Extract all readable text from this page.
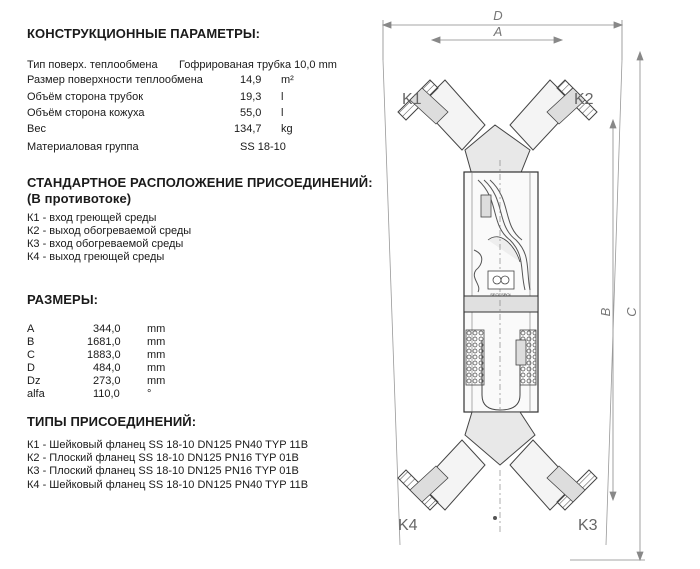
КОНСТРУКЦИОННЫЕ ПАРАМЕТРЫ:
Тип поверх. теплообмена Гофрированая трубка 10,0 mm
Размер поверхности теплообмена	14,9 m²
Объём сторона трубок	19,3 l
Объём сторона кожуха	55,0 l
Вес	134,7 kg
Материаловая группа	SS 18-10
СТАНДАРТНОЕ РАСПОЛОЖЕНИЕ ПРИСОЕДИНЕНИЙ:
(В противотоке)
К1 - вход греющей среды
К2 - выход обогреваемой среды
К3 - вход обогреваемой среды
К4 - выход греющей среды
РАЗМЕРЫ:
A	344,0 mm
B	1681,0 mm
C	1883,0 mm
D	484,0 mm
Dz	273,0 mm
alfa	110,0 °
ТИПЫ ПРИСОЕДИНЕНИЙ:
К1 - Шейковый фланец SS 18-10 DN125 PN40 TYP 11B
К2 - Плоский фланец SS 18-10 DN125 PN16 TYP 01B
К3 - Плоский фланец SS 18-10 DN125 PN16 TYP 01B
К4 - Шейковый фланец SS 18-10 DN125 PN40 TYP 11B
D
A
B C
SECESPOL
K1	K2
K4	K3
